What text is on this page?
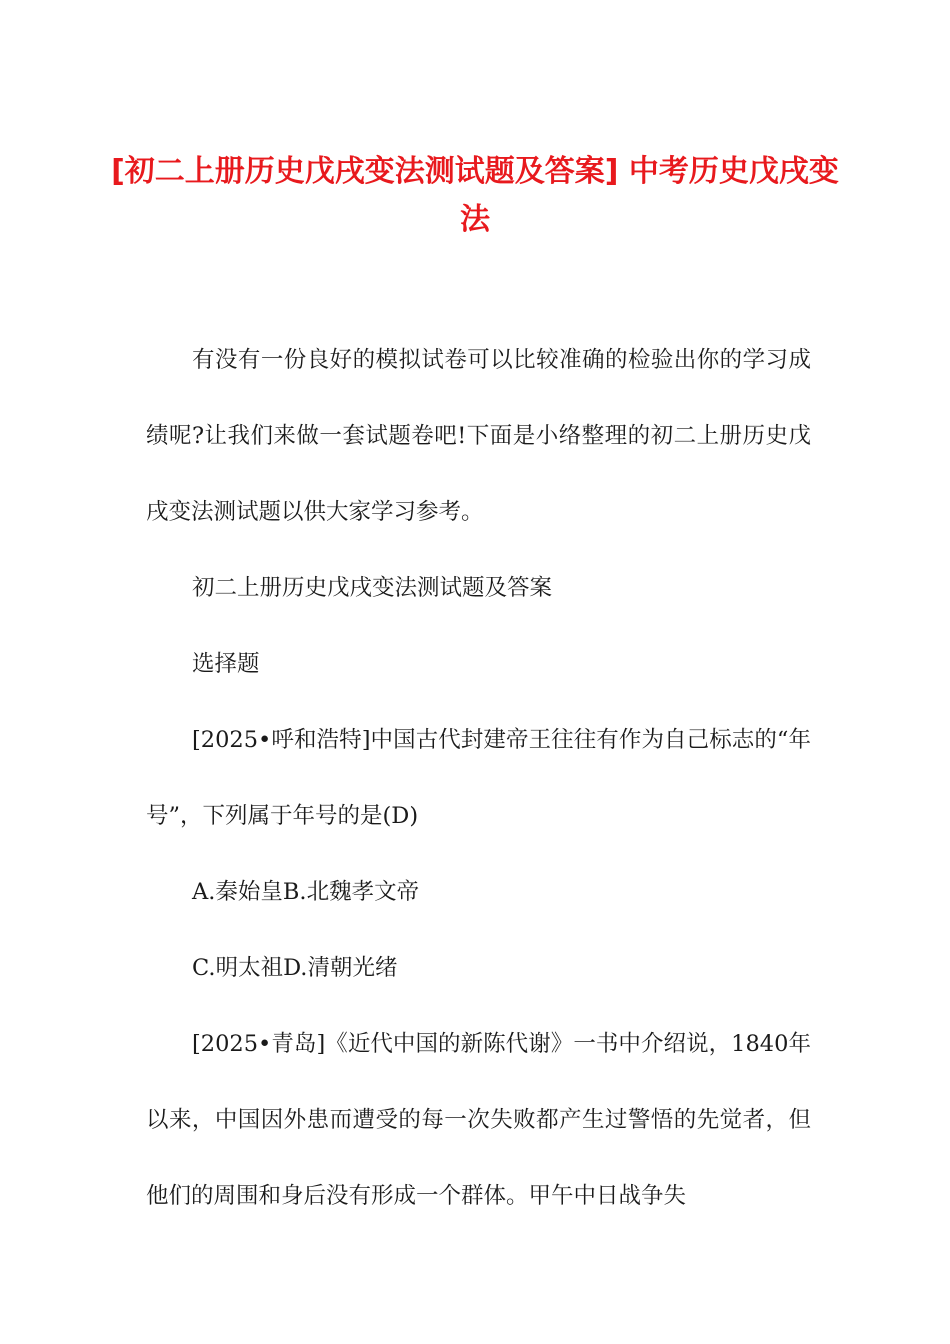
[初二上册历史戊戌变法测试题及答案] 中考历史戊戌变法

有没有一份良好的模拟试卷可以比较准确的检验出你的学习成绩呢?让我们来做一套试题卷吧!下面是小络整理的初二上册历史戊戌变法测试题以供大家学习参考。

初二上册历史戊戌变法测试题及答案

选择题

[2025•呼和浩特]中国古代封建帝王往往有作为自己标志的“年号”，下列属于年号的是(D)

A.秦始皇B.北魏孝文帝

C.明太祖D.清朝光绪

[2025•青岛]《近代中国的新陈代谢》一书中介绍说，1840年以来，中国因外患而遭受的每一次失败都产生过警悟的先觉者，但他们的周围和身后没有形成一个群体。甲午中日战争失
